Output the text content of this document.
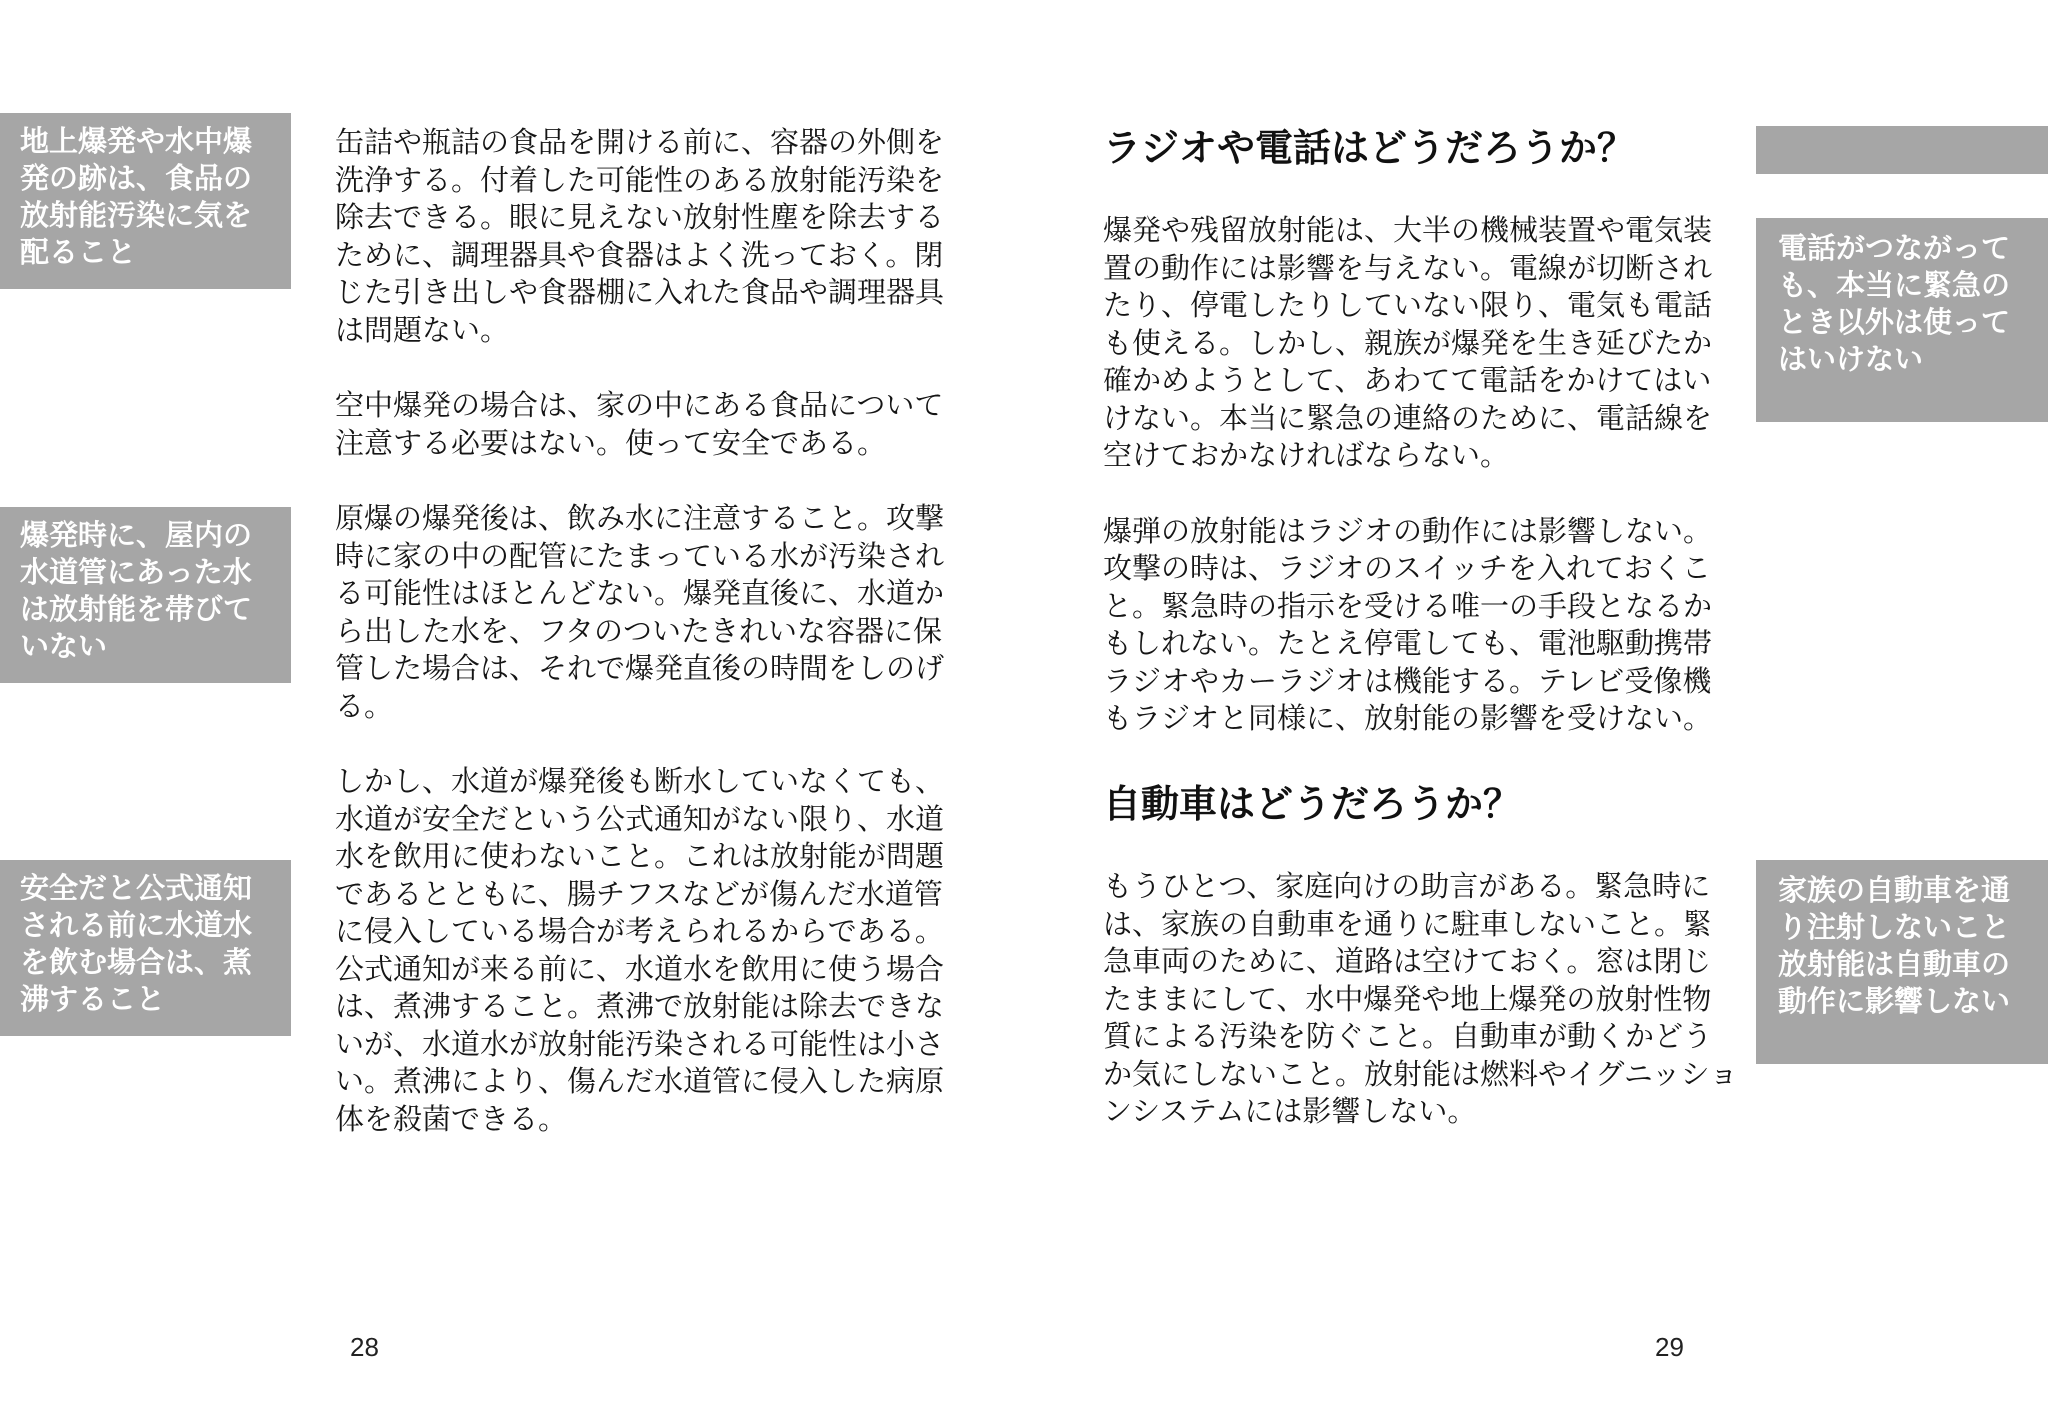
地上爆発や水中爆発の跡は、食品の放射能汚染に気を配ること
爆発時に、屋内の水道管にあった水は放射能を帯びていない
安全だと公式通知される前に水道水を飲む場合は、煮沸すること

缶詰や瓶詰の食品を開ける前に、容器の外側を洗浄する。付着した可能性のある放射能汚染を除去できる。眼に見えない放射性塵を除去するために、調理器具や食器はよく洗っておく。閉じた引き出しや食器棚に入れた食品や調理器具は問題ない。

空中爆発の場合は、家の中にある食品について注意する必要はない。使って安全である。

原爆の爆発後は、飲み水に注意すること。攻撃時に家の中の配管にたまっている水が汚染される可能性はほとんどない。爆発直後に、水道から出した水を、フタのついたきれいな容器に保管した場合は、それで爆発直後の時間をしのげる。

しかし、水道が爆発後も断水していなくても、水道が安全だという公式通知がない限り、水道水を飲用に使わないこと。これは放射能が問題であるとともに、腸チフスなどが傷んだ水道管に侵入している場合が考えられるからである。公式通知が来る前に、水道水を飲用に使う場合は、煮沸すること。煮沸で放射能は除去できないが、水道水が放射能汚染される可能性は小さい。煮沸により、傷んだ水道管に侵入した病原体を殺菌できる。

28
ラジオや電話はどうだろうか？

爆発や残留放射能は、大半の機械装置や電気装置の動作には影響を与えない。電線が切断されたり、停電したりしていない限り、電気も電話も使える。しかし、親族が爆発を生き延びたか確かめようとして、あわてて電話をかけてはいけない。本当に緊急の連絡のために、電話線を空けておかなければならない。

爆弾の放射能はラジオの動作には影響しない。攻撃の時は、ラジオのスイッチを入れておくこと。緊急時の指示を受ける唯一の手段となるかもしれない。たとえ停電しても、電池駆動携帯ラジオやカーラジオは機能する。テレビ受像機もラジオと同様に、放射能の影響を受けない。

自動車はどうだろうか？

もうひとつ、家庭向けの助言がある。緊急時には、家族の自動車を通りに駐車しないこと。緊急車両のために、道路は空けておく。窓は閉じたままにして、水中爆発や地上爆発の放射性物質による汚染を防ぐこと。自動車が動くかどうか気にしないこと。放射能は燃料やイグニッションシステムには影響しない。

電話がつながっても、本当に緊急のとき以外は使ってはいけない
家族の自動車を通り注射しないこと放射能は自動車の動作に影響しない
29
